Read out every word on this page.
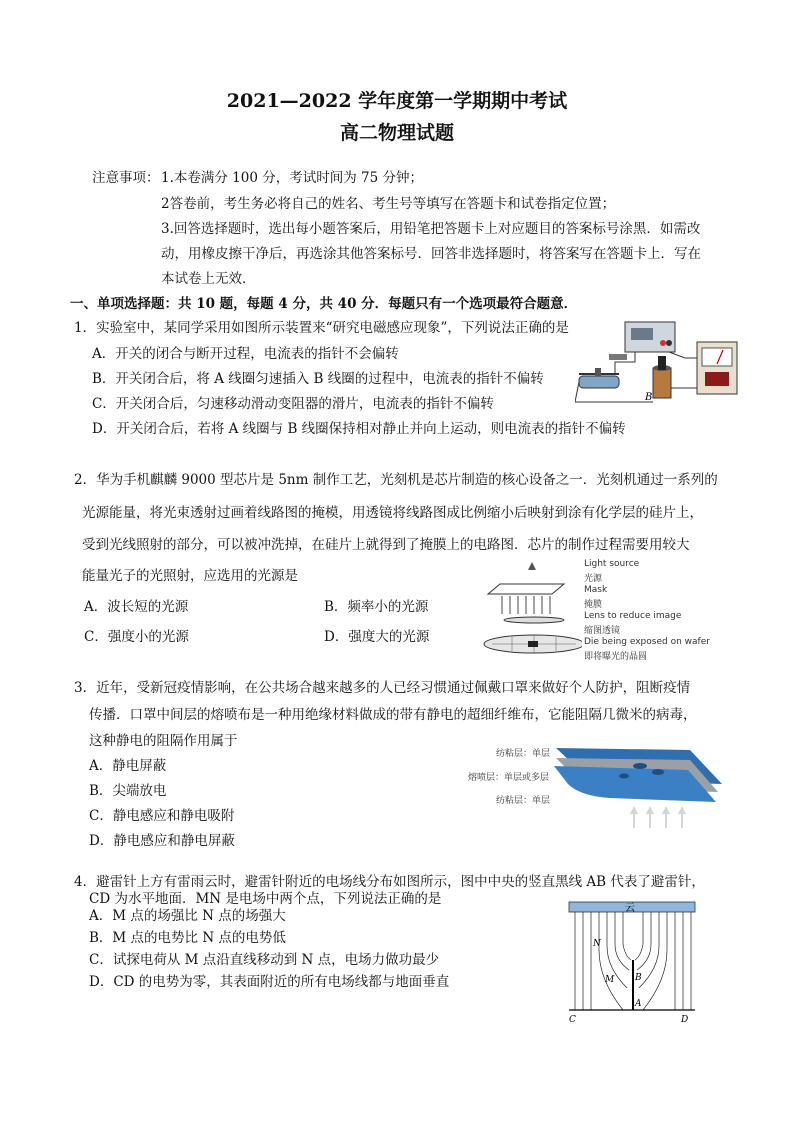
2021—2022 学年度第一学期期中考试
高二物理试题
注意事项： 1.本卷满分 100 分，考试时间为 75 分钟；
2答卷前，考生务必将自己的姓名、考生号等填写在答题卡和试卷指定位置；
3.回答选择题时，选出每小题答案后，用铅笔把答题卡上对应题目的答案标号涂黑．如需改
动，用橡皮擦干净后，再选涂其他答案标号．回答非选择题时，将答案写在答题卡上．写在
本试卷上无效．
一、单项选择题：共 10 题，每题 4 分，共 40 分．每题只有一个选项最符合题意．
1．实验室中，某同学采用如图所示装置来“研究电磁感应现象”，下列说法正确的是
A．开关的闭合与断开过程，电流表的指针不会偏转
B．开关闭合后，将 A 线圈匀速插入 B 线圈的过程中，电流表的指针不偏转
C．开关闭合后，匀速移动滑动变阻器的滑片，电流表的指针不偏转
D．开关闭合后，若将 A 线圈与 B 线圈保持相对静止并向上运动，则电流表的指针不偏转
B
2．华为手机麒麟 9000 型芯片是 5nm 制作工艺，光刻机是芯片制造的核心设备之一．光刻机通过一系列的
光源能量，将光束透射过画着线路图的掩模，用透镜将线路图成比例缩小后映射到涂有化学层的硅片上，
受到光线照射的部分，可以被冲洗掉，在硅片上就得到了掩膜上的电路图．芯片的制作过程需要用较大
能量光子的光照射，应选用的光源是
A．波长短的光源	B．频率小的光源
C．强度小的光源	D．强度大的光源
Light source
光源
Mask
掩膜
Lens to reduce image
缩图透镜
Die being exposed on wafer
即将曝光的晶圆
3．近年，受新冠疫情影响，在公共场合越来越多的人已经习惯通过佩戴口罩来做好个人防护，阻断疫情
传播．口罩中间层的熔喷布是一种用绝缘材料做成的带有静电的超细纤维布，它能阻隔几微米的病毒，
这种静电的阻隔作用属于
A．静电屏蔽
B．尖端放电
C．静电感应和静电吸附
D．静电感应和静电屏蔽
纺粘层：单层
熔喷层：单层或多层
纺粘层：单层
4．避雷针上方有雷雨云时，避雷针附近的电场线分布如图所示，图中中央的竖直黑线 AB 代表了避雷针，
CD 为水平地面．MN 是电场中两个点，下列说法正确的是
A．M 点的场强比 N 点的场强大
B．M 点的电势比 N 点的电势低
C．试探电荷从 M 点沿直线移动到 N 点，电场力做功最少
D．CD 的电势为零，其表面附近的所有电场线都与地面垂直
云
N
M B
A
C	D
